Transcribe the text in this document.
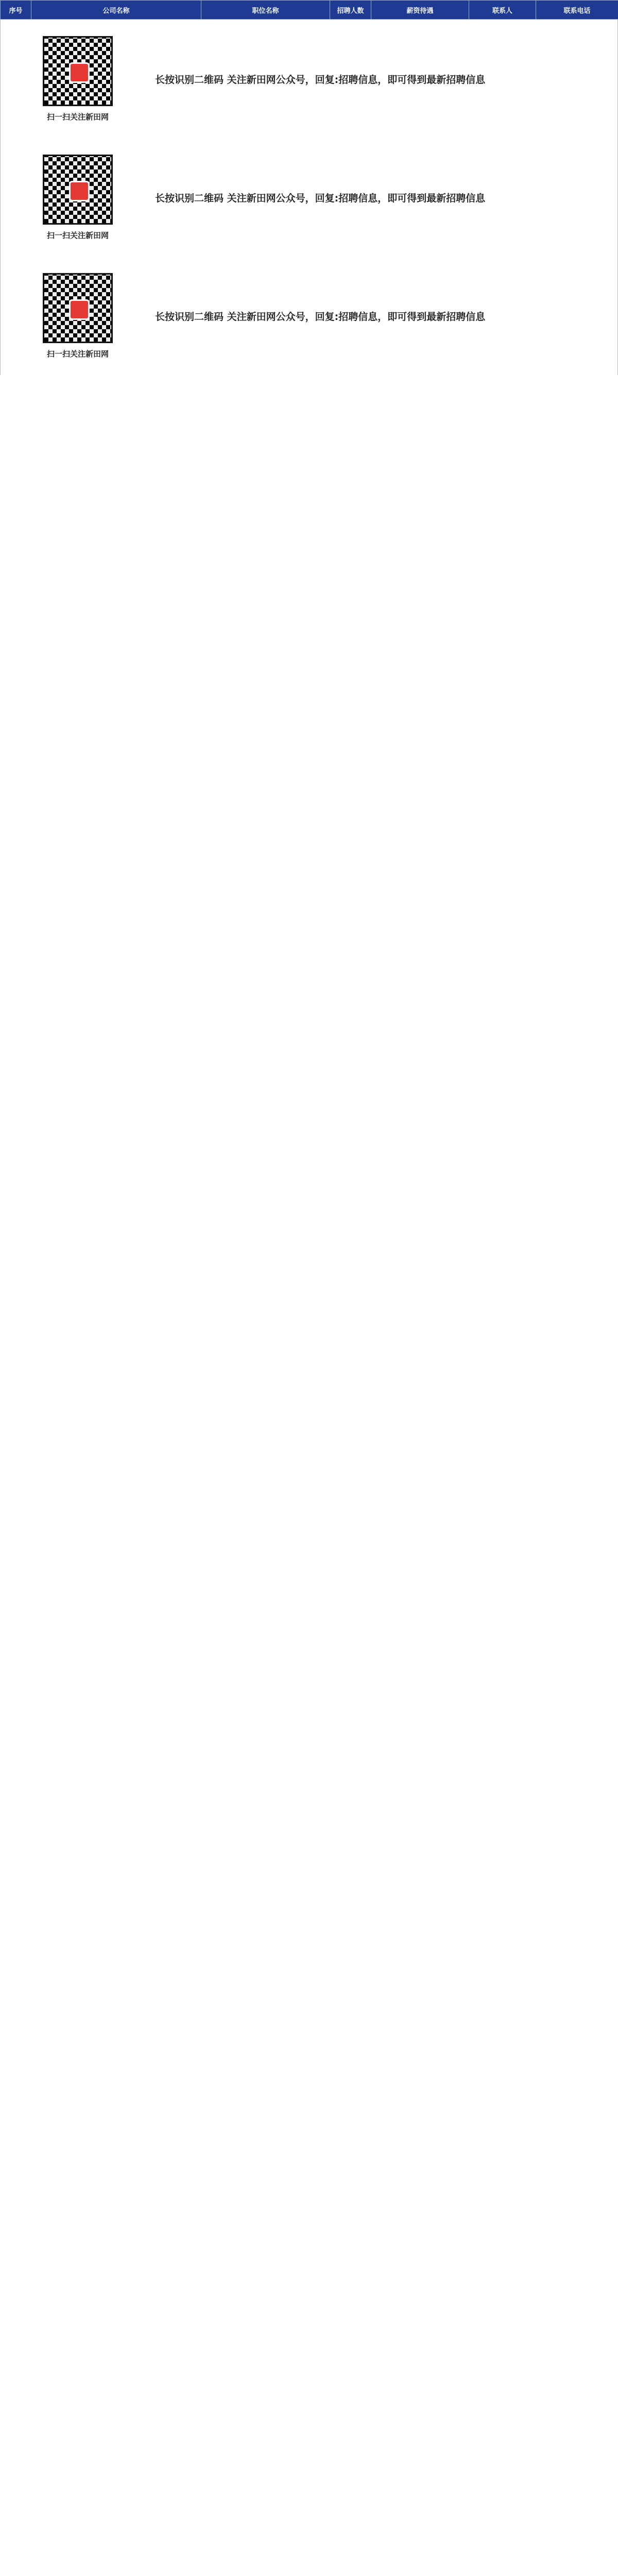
序号	公司名称	职位名称	招聘人数	薪资待遇	联系人	联系电话
扫一扫关注新田网
长按识别二维码 关注新田网公众号，回复:招聘信息，即可得到最新招聘信息
扫一扫关注新田网
长按识别二维码 关注新田网公众号，回复:招聘信息，即可得到最新招聘信息
扫一扫关注新田网
长按识别二维码 关注新田网公众号，回复:招聘信息，即可得到最新招聘信息
